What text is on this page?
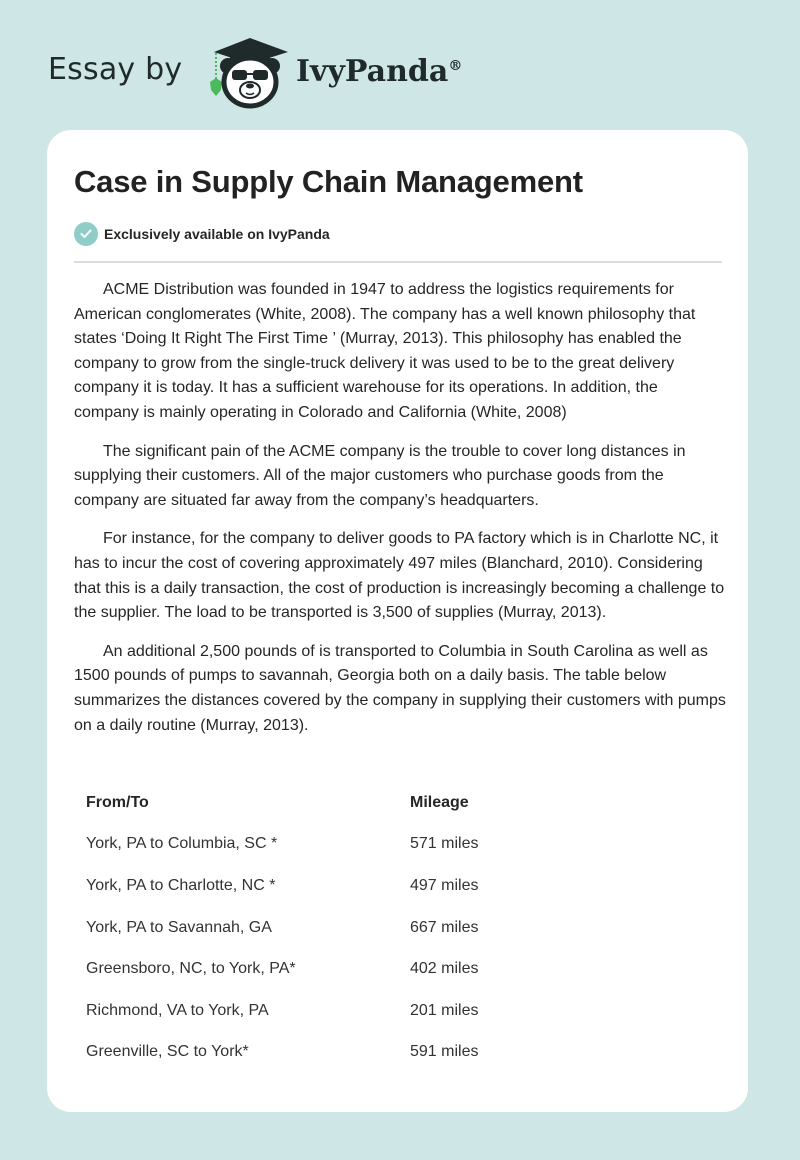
Essay by	IvyPanda®
Case in Supply Chain Management
Exclusively available on IvyPanda

ACME Distribution was founded in 1947 to address the logistics requirements for American conglomerates (White, 2008). The company has a well known philosophy that states ‘Doing It Right The First Time ’ (Murray, 2013). This philosophy has enabled the company to grow from the single-truck delivery it was used to be to the great delivery company it is today. It has a sufficient warehouse for its operations. In addition, the company is mainly operating in Colorado and California (White, 2008)

The significant pain of the ACME company is the trouble to cover long distances in supplying their customers. All of the major customers who purchase goods from the company are situated far away from the company’s headquarters.

For instance, for the company to deliver goods to PA factory which is in Charlotte NC, it has to incur the cost of covering approximately 497 miles (Blanchard, 2010). Considering that this is a daily transaction, the cost of production is increasingly becoming a challenge to the supplier. The load to be transported is 3,500 of supplies (Murray, 2013).

An additional 2,500 pounds of is transported to Columbia in South Carolina as well as 1500 pounds of pumps to savannah, Georgia both on a daily basis. The table below summarizes the distances covered by the company in supplying their customers with pumps on a daily routine (Murray, 2013).

From/To	Mileage
York, PA to Columbia, SC *	571 miles
York, PA to Charlotte, NC *	497 miles
York, PA to Savannah, GA	667 miles
Greensboro, NC, to York, PA*	402 miles
Richmond, VA to York, PA	201 miles
Greenville, SC to York*	591 miles
